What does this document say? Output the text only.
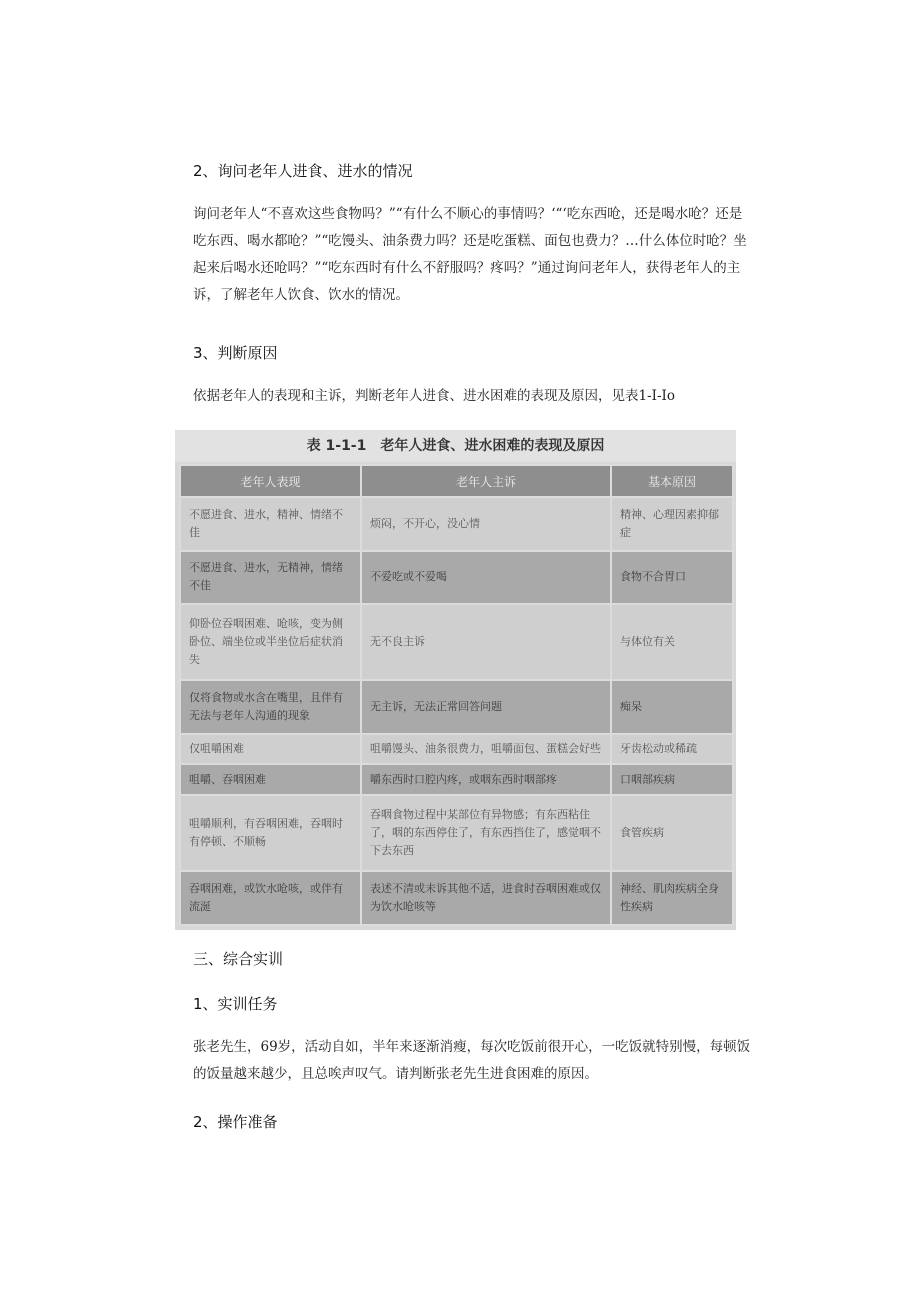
2、询问老年人进食、进水的情况
询问老年人“不喜欢这些食物吗？”“有什么不顺心的事情吗？‘“‘吃东西呛，还是喝水呛？还是吃东西、喝水都呛？”“吃馒头、油条费力吗？还是吃蛋糕、面包也费力？…什么体位时呛？坐起来后喝水还呛吗？”“吃东西时有什么不舒服吗？疼吗？”通过询问老年人，获得老年人的主诉，了解老年人饮食、饮水的情况。
3、判断原因
依据老年人的表现和主诉，判断老年人进食、进水困难的表现及原因，见表1-I-Io
表 1-1-1　老年人进食、进水困难的表现及原因
老年人表现	老年人主诉	基本原因
不愿进食、进水，精神、情绪不佳	烦闷，不开心，没心情	精神、心理因素抑郁症
不愿进食、进水，无精神，情绪不佳	不爱吃或不爱喝	食物不合胃口
仰卧位吞咽困难、呛咳，变为侧卧位、端坐位或半坐位后症状消失	无不良主诉	与体位有关
仅将食物或水含在嘴里，且伴有无法与老年人沟通的现象	无主诉，无法正常回答问题	痴呆
仅咀嚼困难	咀嚼馒头、油条很费力，咀嚼面包、蛋糕会好些	牙齿松动或稀疏
咀嚼、吞咽困难	嚼东西时口腔内疼，或咽东西时咽部疼	口咽部疾病
咀嚼顺利，有吞咽困难，吞咽时有停顿、不顺畅	吞咽食物过程中某部位有异物感；有东西粘住了，咽的东西停住了，有东西挡住了，感觉咽不下去东西	食管疾病
吞咽困难，或饮水呛咳，或伴有流涎	表述不清或未诉其他不适，进食时吞咽困难或仅为饮水呛咳等	神经、肌肉疾病全身性疾病
三、综合实训
1、实训任务
张老先生，69岁，活动自如，半年来逐渐消瘦，每次吃饭前很开心，一吃饭就特别慢，每顿饭的饭量越来越少，且总唉声叹气。请判断张老先生进食困难的原因。
2、操作准备
